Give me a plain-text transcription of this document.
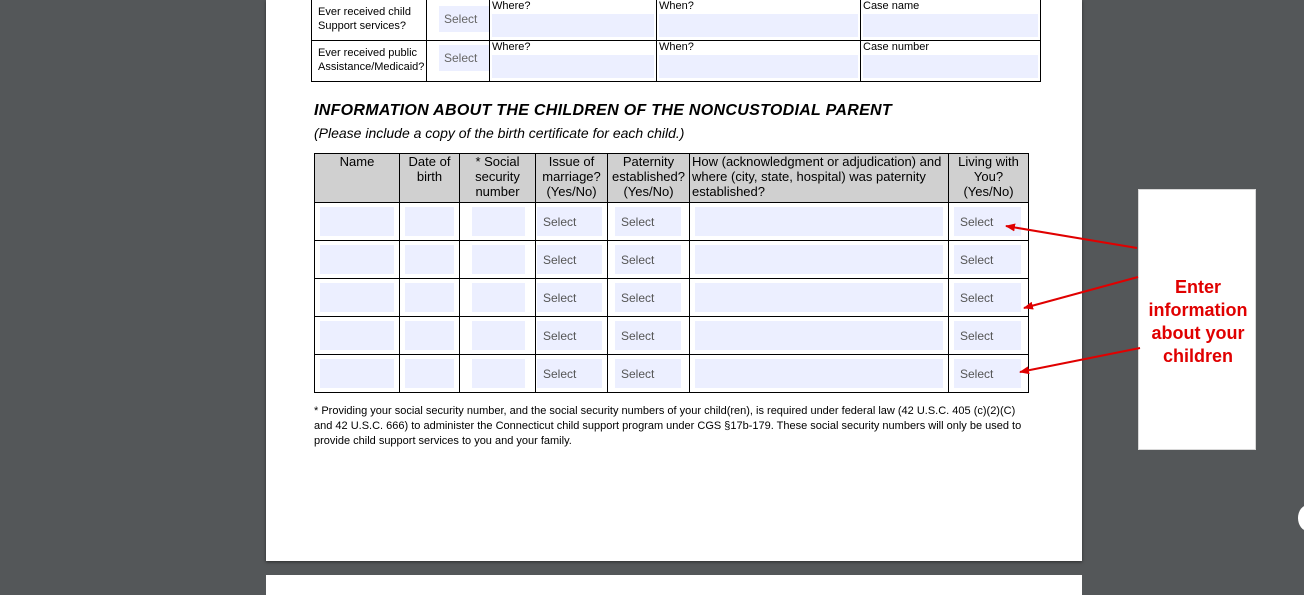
Ever received child Support services?	Select	Where?	When?	Case name

Ever received public Assistance/Medicaid?	Select	Where?	When?	Case number
INFORMATION ABOUT THE CHILDREN OF THE NONCUSTODIAL PARENT
(Please include a copy of the birth certificate for each child.)
Name	Date of birth	* Social security number	Issue of marriage? (Yes/No)	Paternity established? (Yes/No)	How (acknowledgment or adjudication) and where (city, state, hospital) was paternity established?	Living with You? (Yes/No)

			Select	Select		Select

			Select	Select		Select

			Select	Select		Select

			Select	Select		Select

			Select	Select		Select
* Providing your social security number, and the social security numbers of your child(ren), is required under federal law (42 U.S.C. 405 (c)(2)(C) and 42 U.S.C. 666) to administer the Connecticut child support program under CGS §17b-179. These social security numbers will only be used to provide child support services to you and your family.
Enter information about your children
